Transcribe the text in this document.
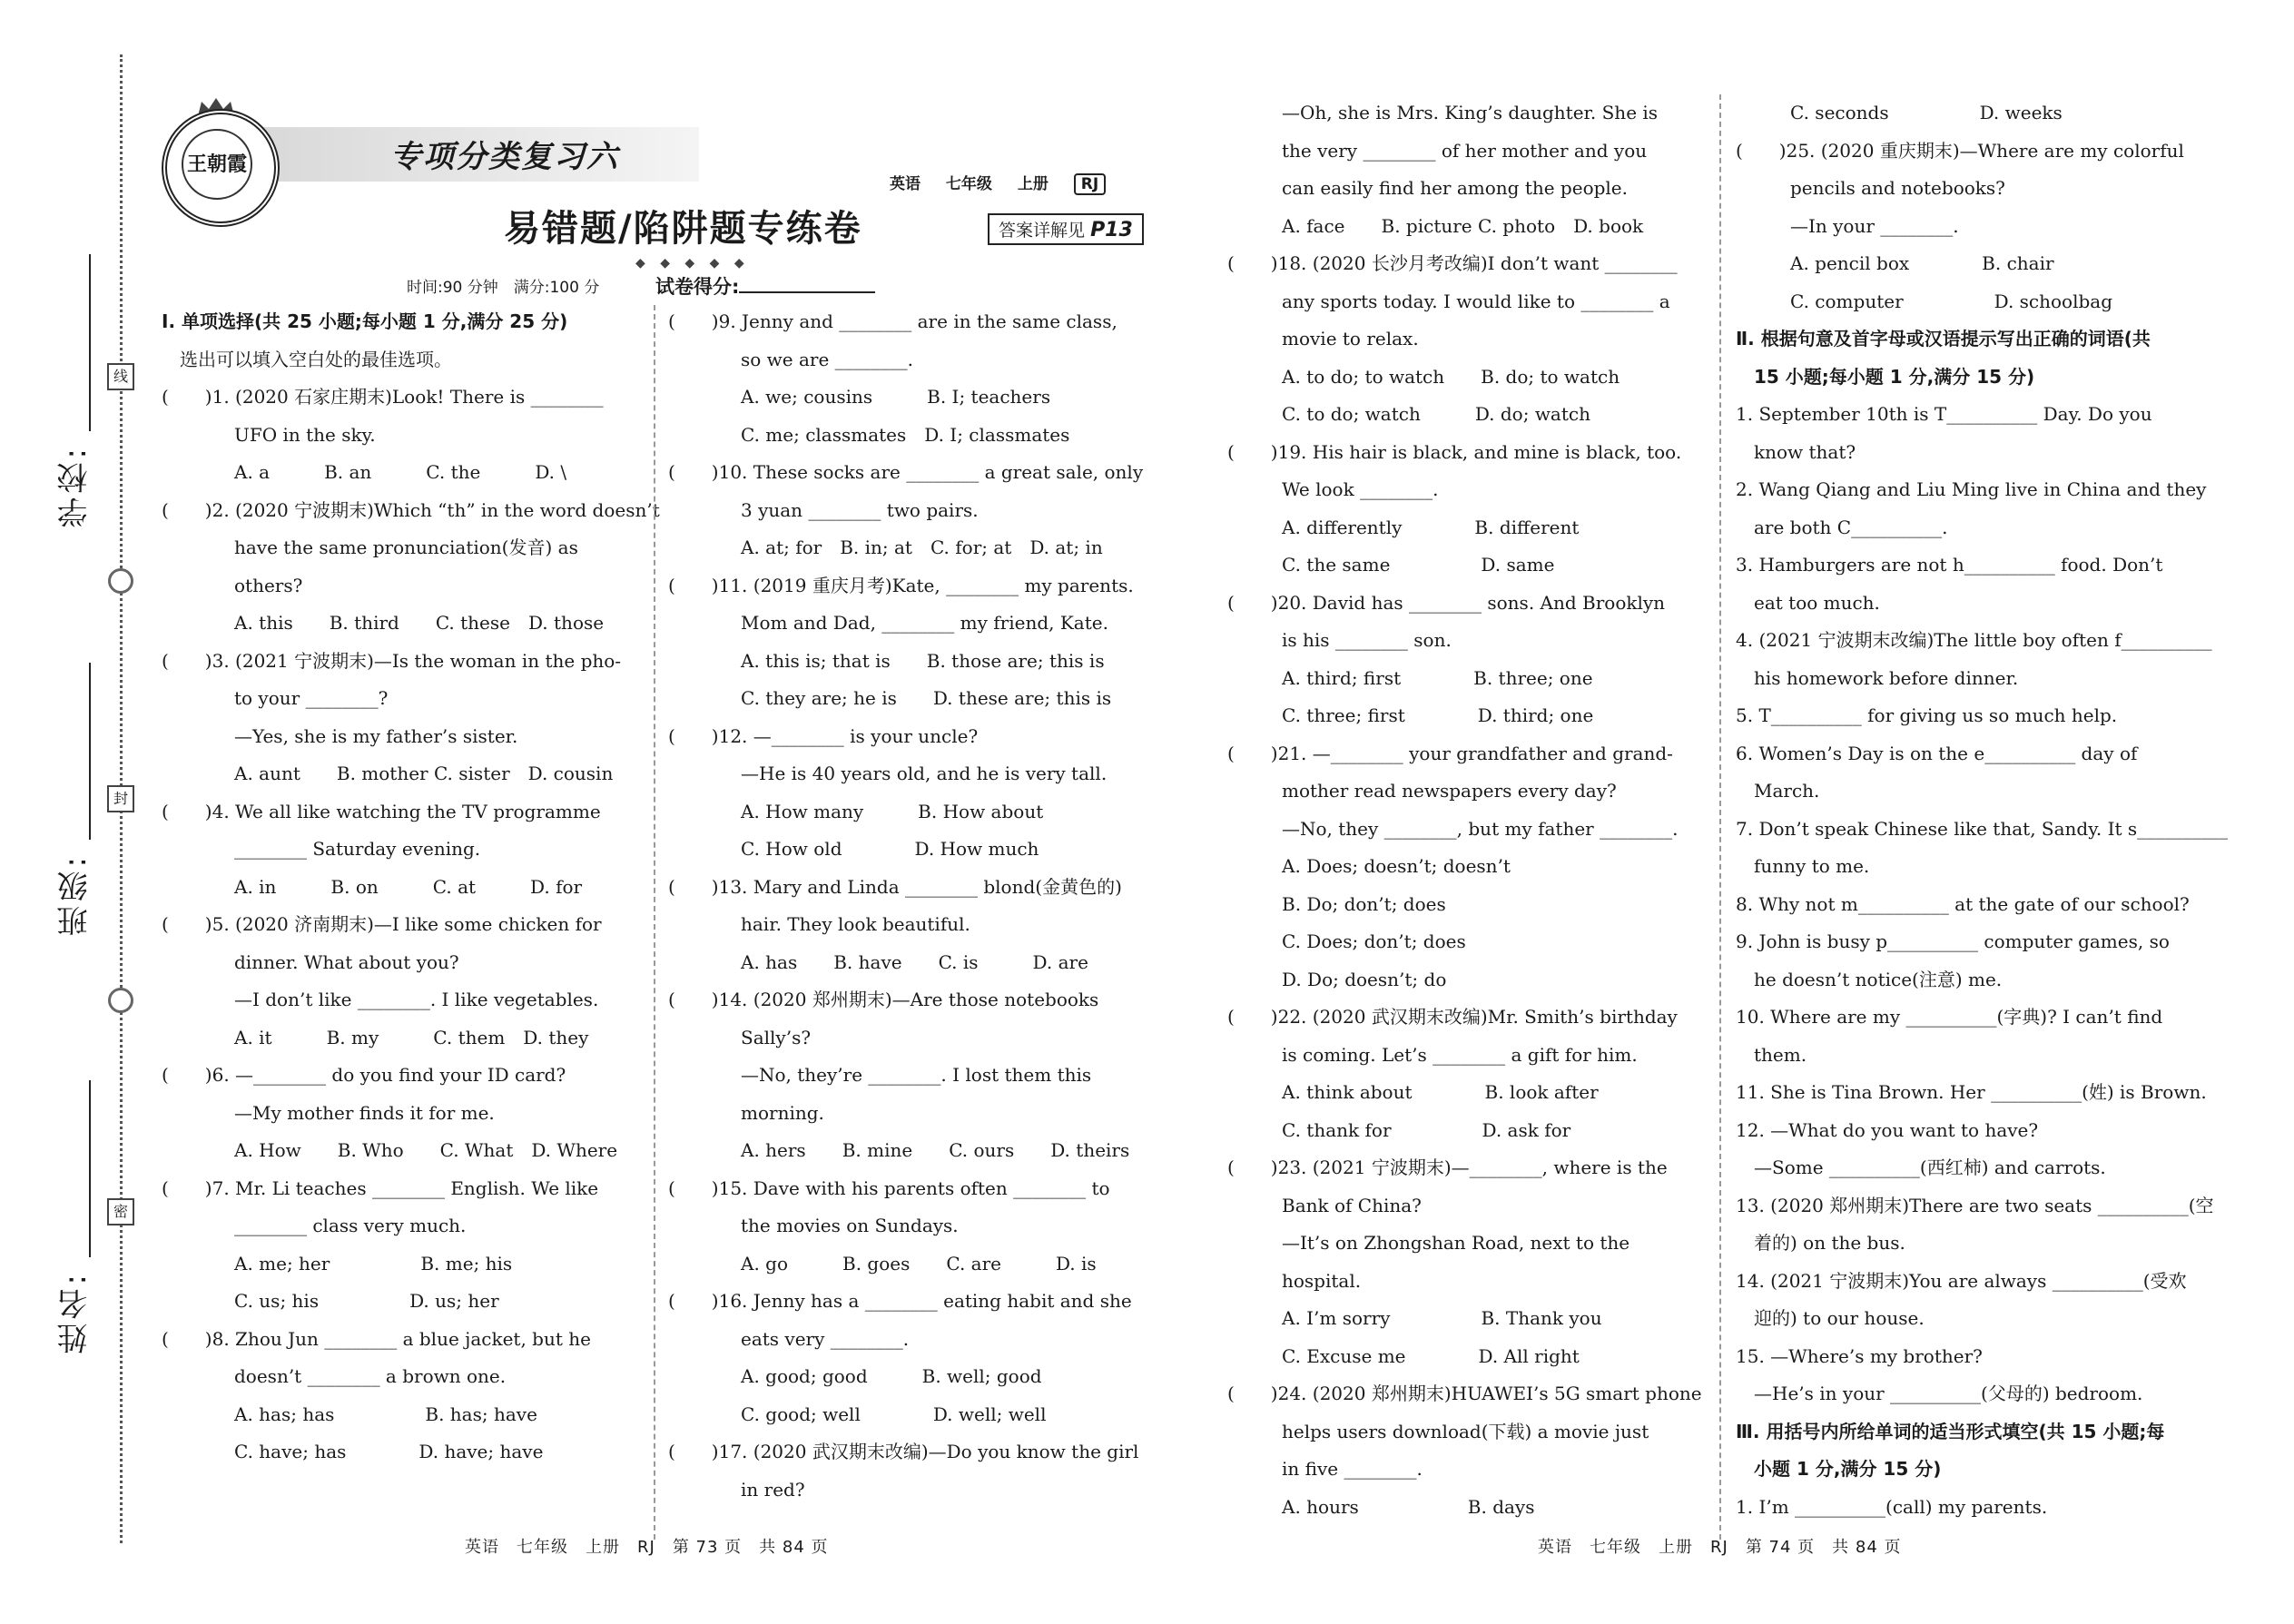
学校:
班级:
姓名:
线
封
密
王朝霞	专项分类复习六
易错题/陷阱题专练卷
英语 七年级 上册 RJ
答案详解见 P13
◆ ◆ ◆ ◆ ◆
时间:90 分钟　满分:100 分	试卷得分:
Ⅰ. 单项选择(共 25 小题;每小题 1 分,满分 25 分)
　选出可以填入空白处的最佳选项。
(　　)1. (2020 石家庄期末)Look! There is ________
　　　　UFO in the sky.
　　　　A. a　　　B. an　　　C. the　　　D. \
(　　)2. (2020 宁波期末)Which “th” in the word doesn’t
　　　　have the same pronunciation(发音) as
　　　　others?
　　　　A. this　　B. third　　C. these　D. those
(　　)3. (2021 宁波期末)—Is the woman in the pho-
　　　　to your ________?
　　　　—Yes, she is my father’s sister.
　　　　A. aunt　　B. mother C. sister　D. cousin
(　　)4. We all like watching the TV programme
　　　　________ Saturday evening.
　　　　A. in　　　B. on　　　C. at　　　D. for
(　　)5. (2020 济南期末)—I like some chicken for
　　　　dinner. What about you?
　　　　—I don’t like ________. I like vegetables.
　　　　A. it　　　B. my　　　C. them　D. they
(　　)6. —________ do you find your ID card?
　　　　—My mother finds it for me.
　　　　A. How　　B. Who　　C. What　D. Where
(　　)7. Mr. Li teaches ________ English. We like
　　　　________ class very much.
　　　　A. me; her　　　　　B. me; his
　　　　C. us; his　　　　　D. us; her
(　　)8. Zhou Jun ________ a blue jacket, but he
　　　　doesn’t ________ a brown one.
　　　　A. has; has　　　　　B. has; have
　　　　C. have; has　　　　D. have; have
(　　)9. Jenny and ________ are in the same class,
　　　　so we are ________.
　　　　A. we; cousins　　　B. I; teachers
　　　　C. me; classmates　D. I; classmates
(　　)10. These socks are ________ a great sale, only
　　　　3 yuan ________ two pairs.
　　　　A. at; for　B. in; at　C. for; at　D. at; in
(　　)11. (2019 重庆月考)Kate, ________ my parents.
　　　　Mom and Dad, ________ my friend, Kate.
　　　　A. this is; that is　　B. those are; this is
　　　　C. they are; he is　　D. these are; this is
(　　)12. —________ is your uncle?
　　　　—He is 40 years old, and he is very tall.
　　　　A. How many　　　B. How about
　　　　C. How old　　　　D. How much
(　　)13. Mary and Linda ________ blond(金黄色的)
　　　　hair. They look beautiful.
　　　　A. has　　B. have　　C. is　　　D. are
(　　)14. (2020 郑州期末)—Are those notebooks
　　　　Sally’s?
　　　　—No, they’re ________. I lost them this
　　　　morning.
　　　　A. hers　　B. mine　　C. ours　　D. theirs
(　　)15. Dave with his parents often ________ to
　　　　the movies on Sundays.
　　　　A. go　　　B. goes　　C. are　　　D. is
(　　)16. Jenny has a ________ eating habit and she
　　　　eats very ________.
　　　　A. good; good　　　B. well; good
　　　　C. good; well　　　　D. well; well
(　　)17. (2020 武汉期末改编)—Do you know the girl
　　　　in red?
英语　七年级　上册　RJ　第 73 页　共 84 页
　　　—Oh, she is Mrs. King’s daughter. She is
　　　the very ________ of her mother and you
　　　can easily find her among the people.
　　　A. face　　B. picture C. photo　D. book
(　　)18. (2020 长沙月考改编)I don’t want ________
　　　any sports today. I would like to ________ a
　　　movie to relax.
　　　A. to do; to watch　　B. do; to watch
　　　C. to do; watch　　　D. do; watch
(　　)19. His hair is black, and mine is black, too.
　　　We look ________.
　　　A. differently　　　　B. different
　　　C. the same　　　　　D. same
(　　)20. David has ________ sons. And Brooklyn
　　　is his ________ son.
　　　A. third; first　　　　B. three; one
　　　C. three; first　　　　D. third; one
(　　)21. —________ your grandfather and grand-
　　　mother read newspapers every day?
　　　—No, they ________, but my father ________.
　　　A. Does; doesn’t; doesn’t
　　　B. Do; don’t; does
　　　C. Does; don’t; does
　　　D. Do; doesn’t; do
(　　)22. (2020 武汉期末改编)Mr. Smith’s birthday
　　　is coming. Let’s ________ a gift for him.
　　　A. think about　　　　B. look after
　　　C. thank for　　　　　D. ask for
(　　)23. (2021 宁波期末)—________, where is the
　　　Bank of China?
　　　—It’s on Zhongshan Road, next to the
　　　hospital.
　　　A. I’m sorry　　　　　B. Thank you
　　　C. Excuse me　　　　D. All right
(　　)24. (2020 郑州期末)HUAWEI’s 5G smart phone
　　　helps users download(下载) a movie just
　　　in five ________.
　　　A. hours　　　　　　B. days
　　　C. seconds　　　　　D. weeks
(　　)25. (2020 重庆期末)—Where are my colorful
　　　pencils and notebooks?
　　　—In your ________.
　　　A. pencil box　　　　B. chair
　　　C. computer　　　　　D. schoolbag
Ⅱ. 根据句意及首字母或汉语提示写出正确的词语(共
　15 小题;每小题 1 分,满分 15 分)
1. September 10th is T__________ Day. Do you
　know that?
2. Wang Qiang and Liu Ming live in China and they
　are both C__________.
3. Hamburgers are not h__________ food. Don’t
　eat too much.
4. (2021 宁波期末改编)The little boy often f__________
　his homework before dinner.
5. T__________ for giving us so much help.
6. Women’s Day is on the e__________ day of
　March.
7. Don’t speak Chinese like that, Sandy. It s__________
　funny to me.
8. Why not m__________ at the gate of our school?
9. John is busy p__________ computer games, so
　he doesn’t notice(注意) me.
10. Where are my __________(字典)? I can’t find
　them.
11. She is Tina Brown. Her __________(姓) is Brown.
12. —What do you want to have?
　—Some __________(西红柿) and carrots.
13. (2020 郑州期末)There are two seats __________(空
　着的) on the bus.
14. (2021 宁波期末)You are always __________(受欢
　迎的) to our house.
15. —Where’s my brother?
　—He’s in your __________(父母的) bedroom.
Ⅲ. 用括号内所给单词的适当形式填空(共 15 小题;每
　小题 1 分,满分 15 分)
1. I’m __________(call) my parents.
英语　七年级　上册　RJ　第 74 页　共 84 页
